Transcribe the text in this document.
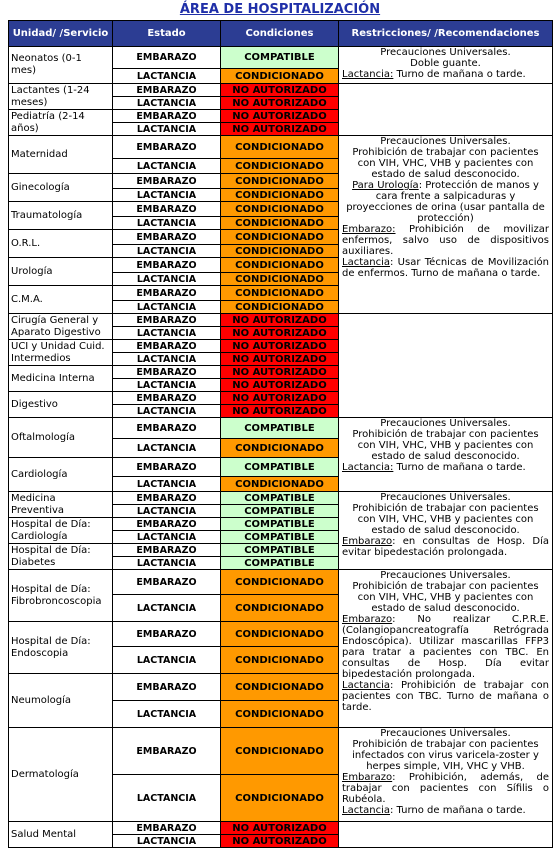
ÁREA DE HOSPITALIZACIÓN
Unidad/ /Servicio	Estado	Condiciones	Restricciones/ /Recomendaciones
Neonatos (0-1 mes)	EMBARAZO	COMPATIBLE	Precauciones Universales.
Doble guante.
Lactancia: Turno de mañana o tarde.

	LACTANCIA	CONDICIONADO	
Lactantes (1-24 meses)	EMBARAZO	NO AUTORIZADO	
	LACTANCIA	NO AUTORIZADO	
Pediatría (2-14 años)	EMBARAZO	NO AUTORIZADO	
	LACTANCIA	NO AUTORIZADO	
Maternidad	EMBARAZO	CONDICIONADO	Precauciones Universales.
Prohibición de trabajar con pacientes con VIH, VHC, VHB y pacientes con estado de salud desconocido.
Para Urología: Protección de manos y cara frente a salpicaduras y proyecciones de orina (usar pantalla de protección)
Embarazo: Prohibición de movilizar enfermos, salvo uso de dispositivos auxiliares.
Lactancia: Usar Técnicas de Movilización de enfermos. Turno de mañana o tarde.

	LACTANCIA	CONDICIONADO	
Ginecología	EMBARAZO	CONDICIONADO	
	LACTANCIA	CONDICIONADO	
Traumatología	EMBARAZO	CONDICIONADO	
	LACTANCIA	CONDICIONADO	
O.R.L.	EMBARAZO	CONDICIONADO	
	LACTANCIA	CONDICIONADO	
Urología	EMBARAZO	CONDICIONADO	
	LACTANCIA	CONDICIONADO	
C.M.A.	EMBARAZO	CONDICIONADO	
	LACTANCIA	CONDICIONADO	
Cirugía General y Aparato Digestivo	EMBARAZO	NO AUTORIZADO	
	LACTANCIA	NO AUTORIZADO	
UCI y Unidad Cuid. Intermedios	EMBARAZO	NO AUTORIZADO	
	LACTANCIA	NO AUTORIZADO	
Medicina Interna	EMBARAZO	NO AUTORIZADO	
	LACTANCIA	NO AUTORIZADO	
Digestivo	EMBARAZO	NO AUTORIZADO	
	LACTANCIA	NO AUTORIZADO	
Oftalmología	EMBARAZO	COMPATIBLE	Precauciones Universales.
Prohibición de trabajar con pacientes con VIH, VHC, VHB y pacientes con estado de salud desconocido.
Lactancia: Turno de mañana o tarde.

	LACTANCIA	CONDICIONADO	
Cardiología	EMBARAZO	COMPATIBLE	
	LACTANCIA	CONDICIONADO	
Medicina Preventiva	EMBARAZO	COMPATIBLE	Precauciones Universales.
Prohibición de trabajar con pacientes con VIH, VHC, VHB y pacientes con estado de salud desconocido.
Embarazo: en consultas de Hosp. Día evitar bipedestación prolongada.

	LACTANCIA	COMPATIBLE	
Hospital de Día: Cardiología	EMBARAZO	COMPATIBLE	
	LACTANCIA	COMPATIBLE	
Hospital de Día: Diabetes	EMBARAZO	COMPATIBLE	
	LACTANCIA	COMPATIBLE	
Hospital de Día: Fibrobroncoscopia	EMBARAZO	CONDICIONADO	Precauciones Universales.
Prohibición de trabajar con pacientes con VIH, VHC, VHB y pacientes con estado de salud desconocido.
Embarazo: No realizar C.P.R.E. (Colangiopancreatografía Retrógrada Endoscópica). Utilizar mascarillas FFP3 para tratar a pacientes con TBC. En consultas de Hosp. Día evitar bipedestación prolongada.
Lactancia: Prohibición de trabajar con pacientes con TBC. Turno de mañana o tarde.

	LACTANCIA	CONDICIONADO	
Hospital de Día: Endoscopia	EMBARAZO	CONDICIONADO	
	LACTANCIA	CONDICIONADO	
Neumología	EMBARAZO	CONDICIONADO	
	LACTANCIA	CONDICIONADO	
Dermatología	EMBARAZO	CONDICIONADO	Precauciones Universales.
Prohibición de trabajar con pacientes infectados con virus varicela-zoster y herpes simple, VIH, VHC y VHB.
Embarazo: Prohibición, además, de trabajar con pacientes con Sífilis o Rubéola.
Lactancia: Turno de mañana o tarde.

	LACTANCIA	CONDICIONADO	
Salud Mental	EMBARAZO	NO AUTORIZADO	
	LACTANCIA	NO AUTORIZADO	
